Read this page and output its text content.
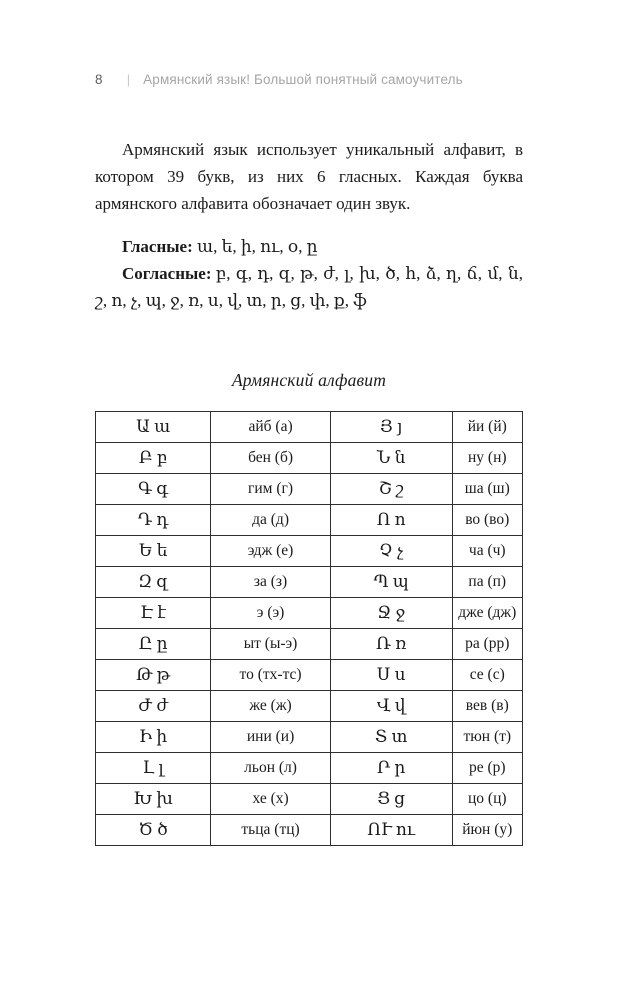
8 | Армянский язык! Большой понятный самоучитель

Армянский язык использует уникальный алфавит, в котором 39 букв, из них 6 гласных. Каждая буква армянского алфавита обозначает один звук.

Гласные: ա, ե, ի, ու, օ, ը

Согласные: բ, գ, դ, զ, թ, ժ, լ, խ, ծ, հ, ձ, ղ, ճ, մ, ն, շ, ո, չ, պ, ջ, ռ, ս, վ, տ, ր, ց, փ, ք, ֆ

Армянский алфавит
Ա ա	айб (а)	Յ յ	йи (й)
Բ բ	бен (б)	Ն ն	ну (н)
Գ գ	гим (г)	Շ շ	ша (ш)
Դ դ	да (д)	Ո ո	во (во)
Ե ե	эдж (е)	Չ չ	ча (ч)
Զ զ	за (з)	Պ պ	па (п)
Է է	э (э)	Ջ ջ	дже (дж)
Ը ը	ыт (ы-э)	Ռ ռ	ра (рр)
Թ թ	то (тх-тс)	Ս ս	се (с)
Ժ ժ	же (ж)	Վ վ	вев (в)
Ի ի	ини (и)	Տ տ	тюн (т)
Լ լ	льон (л)	Ր ր	ре (р)
Խ խ	хе (х)	Ց ց	цо (ц)
Ծ ծ	тьца (тц)	ՈՒ ու	йюн (у)
